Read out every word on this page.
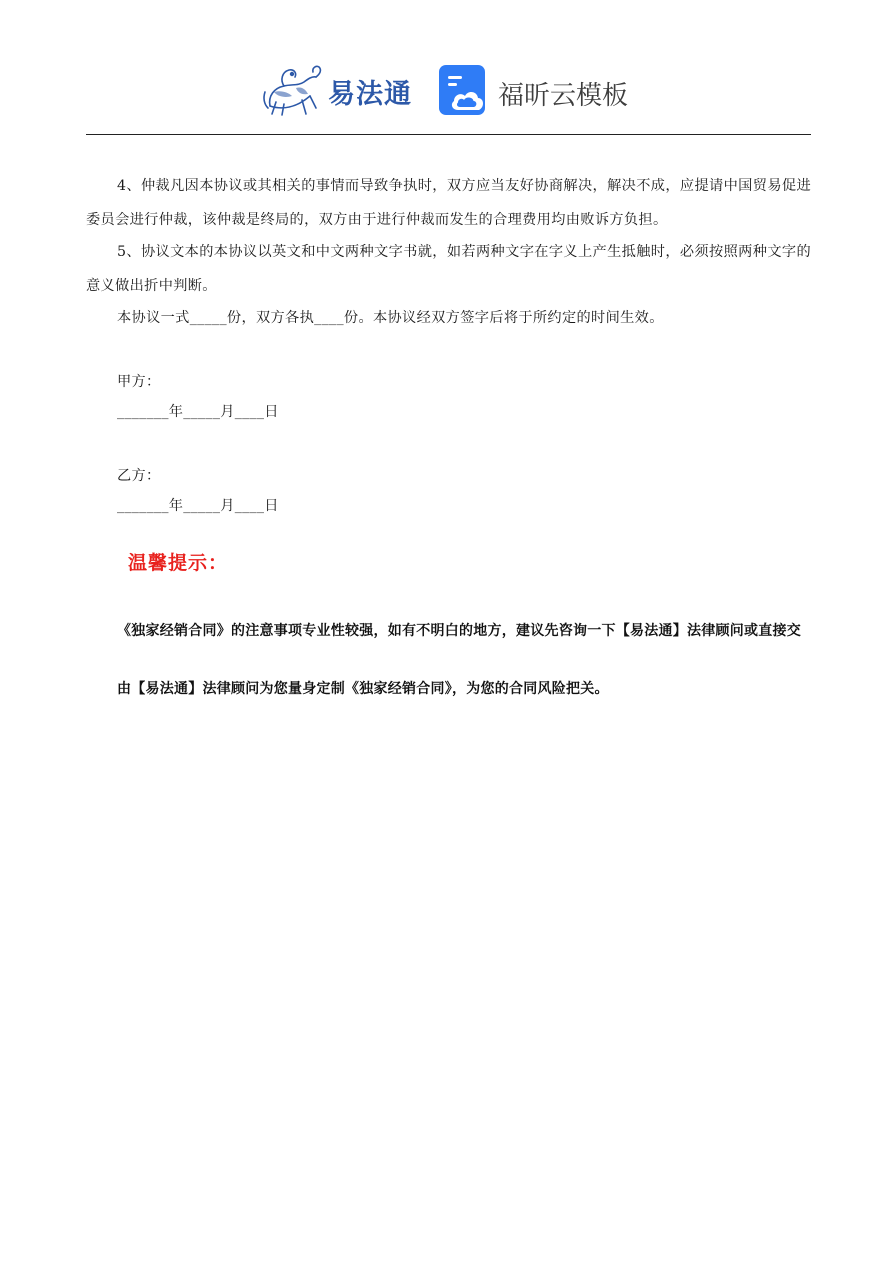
易法通	福昕云模板
4、仲裁凡因本协议或其相关的事情而导致争执时，双方应当友好协商解决，解决不成，应提请中国贸易促进委员会进行仲裁，该仲裁是终局的，双方由于进行仲裁而发生的合理费用均由败诉方负担。
5、协议文本的本协议以英文和中文两种文字书就，如若两种文字在字义上产生抵触时，必须按照两种文字的意义做出折中判断。
本协议一式_____份，双方各执____份。本协议经双方签字后将于所约定的时间生效。
甲方：
_______年_____月____日
乙方：
_______年_____月____日
温馨提示：
《独家经销合同》的注意事项专业性较强，如有不明白的地方，建议先咨询一下【易法通】法律顾问或直接交由【易法通】法律顾问为您量身定制《独家经销合同》，为您的合同风险把关。
